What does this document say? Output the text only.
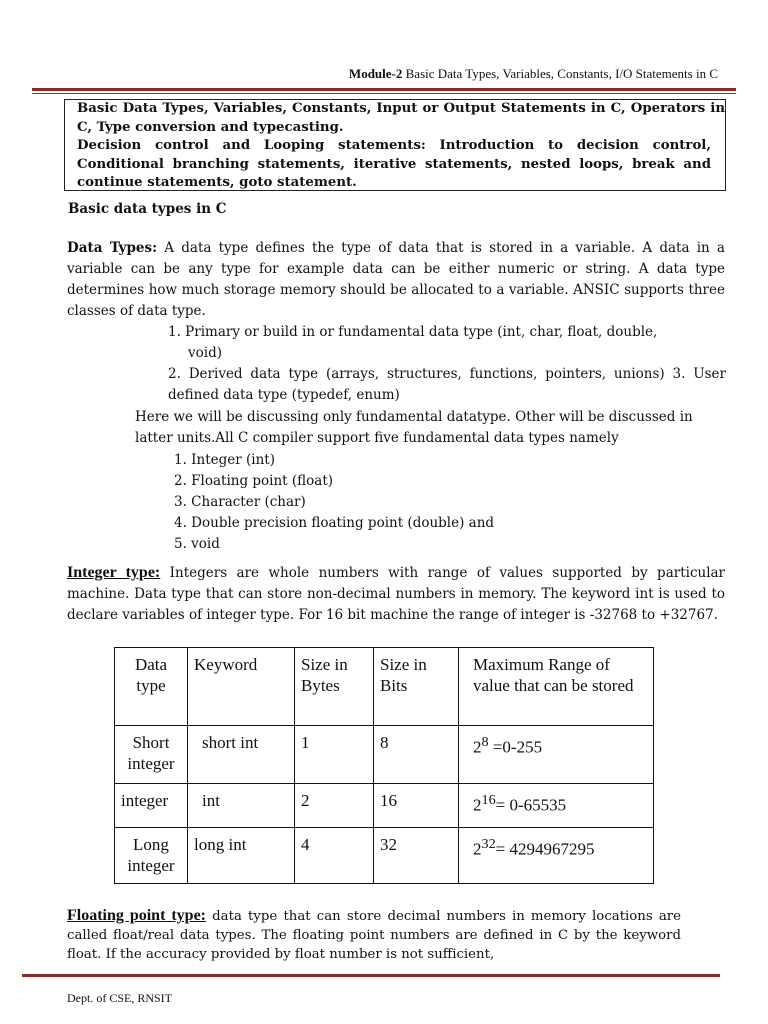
Module-2 Basic Data Types, Variables, Constants, I/O Statements in C

Basic Data Types, Variables, Constants, Input or Output Statements in C, Operators in C, Type conversion and typecasting.

Decision control and Looping statements: Introduction to decision control, Conditional branching statements, iterative statements, nested loops, break and continue statements, goto statement.

Basic data types in C
Data Types: A data type defines the type of data that is stored in a variable. A data in a variable can be any type for example data can be either numeric or string. A data type determines how much storage memory should be allocated to a variable. ANSIC supports three classes of data type.
1. Primary or build in or fundamental data type (int, char, float, double,
void)
2. Derived data type (arrays, structures, functions, pointers, unions) 3. User defined data type (typedef, enum)
Here we will be discussing only fundamental datatype. Other will be discussed in latter units.All C compiler support five fundamental data types namely
1. Integer (int)
2. Floating point (float)
3. Character (char)
4. Double precision floating point (double) and
5. void
Integer type: Integers are whole numbers with range of values supported by particular machine. Data type that can store non-decimal numbers in memory. The keyword int is used to declare variables of integer type. For 16 bit machine the range of integer is -32768 to +32767.
Data type	Keyword	Size in Bytes	Size in Bits	Maximum Range of value that can be stored
Short integer	short int	1	8	$2^8 =0-255$
integer	int	2	16	$2^{16}= 0-65535$
Long integer	long int	4	32	$2^{32}= 4294967295$
Floating point type: data type that can store decimal numbers in memory locations are called float/real data types. The floating point numbers are defined in C by the keyword float. If the accuracy provided by float number is not sufficient,
Dept. of CSE, RNSIT
